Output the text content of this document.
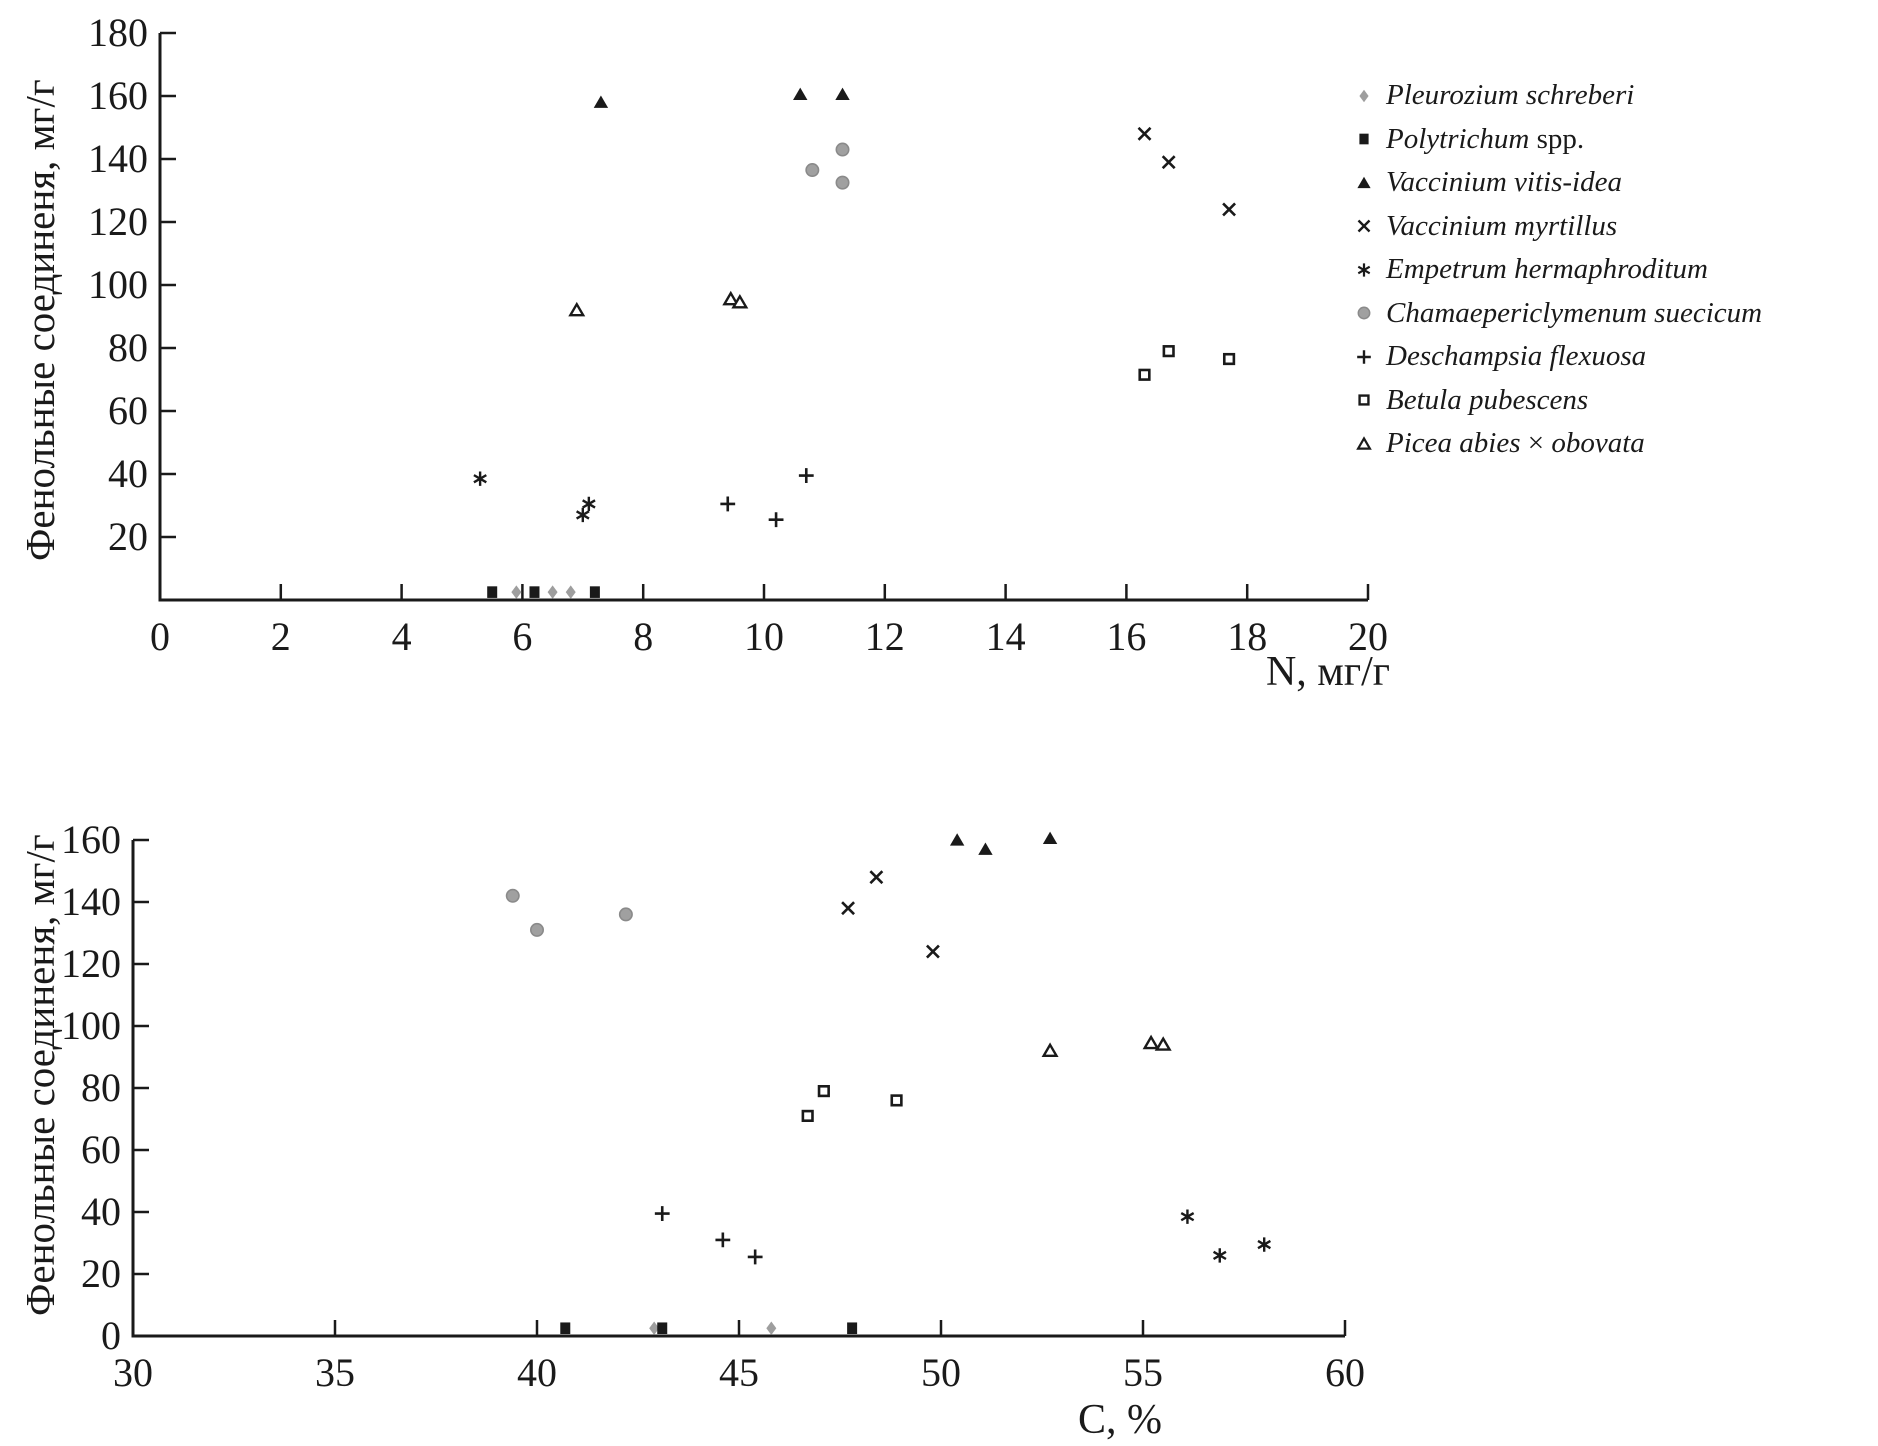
0	2	4	6	8 10 12 14 16 18 20
20
40
60
80
100
120
140
160
180
30	35	40	45	50	55	60
0
20
40
60
80
100
120
140
160
Фенольные соединеня, мг/г
Фенольные соединеня, мг/г
N, мг/г
C, %
Pleurozium schreberi
Polytrichum spp.
Vaccinium vitis-idea
Vaccinium myrtillus
Empetrum hermaphroditum
Chamaepericlymenum suecicum
Deschampsia flexuosa
Betula pubescens
Picea abies × obovata
